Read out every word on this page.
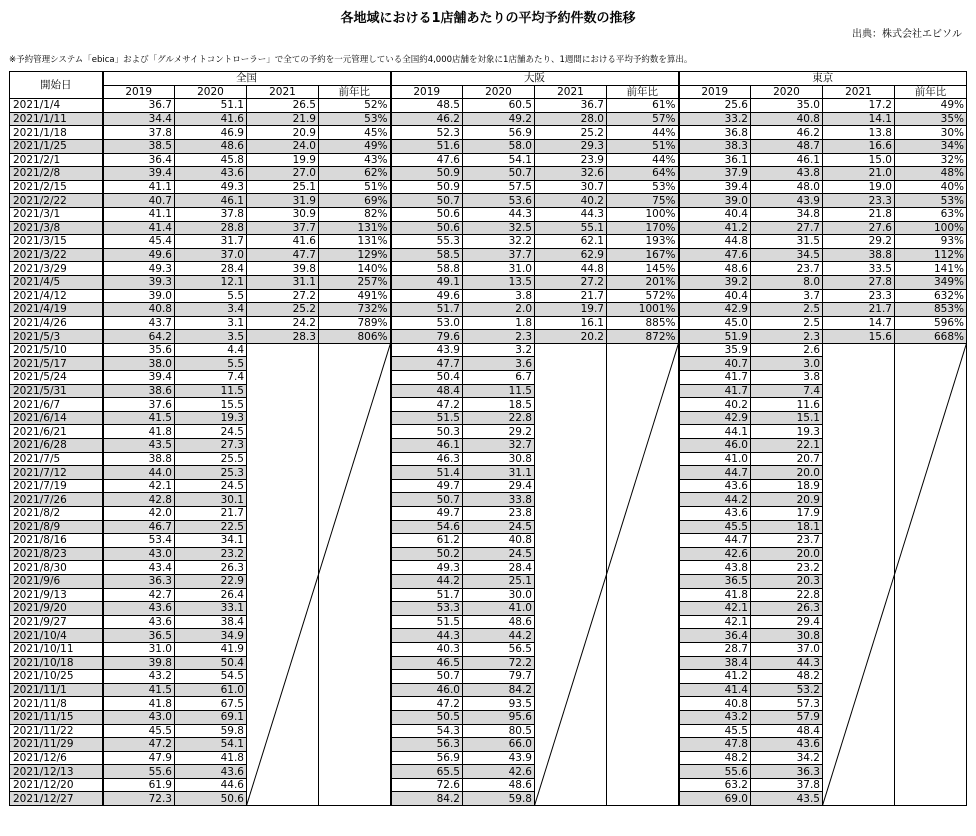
各地域における1店舗あたりの平均予約件数の推移
出典：株式会社エビソル
※予約管理システム「ebica」および「グルメサイトコントローラー」で全ての予約を一元管理している全国約4,000店舗を対象に1店舗あたり、1週間における平均予約数を算出。
開始日	全国				大阪				東京			
	2019	2020	2021	前年比	2019	2020	2021	前年比	2019	2020	2021	前年比
2021/1/4	36.7	51.1	26.5	52%	48.5	60.5	36.7	61%	25.6	35.0	17.2	49%
2021/1/11	34.4	41.6	21.9	53%	46.2	49.2	28.0	57%	33.2	40.8	14.1	35%
2021/1/18	37.8	46.9	20.9	45%	52.3	56.9	25.2	44%	36.8	46.2	13.8	30%
2021/1/25	38.5	48.6	24.0	49%	51.6	58.0	29.3	51%	38.3	48.7	16.6	34%
2021/2/1	36.4	45.8	19.9	43%	47.6	54.1	23.9	44%	36.1	46.1	15.0	32%
2021/2/8	39.4	43.6	27.0	62%	50.9	50.7	32.6	64%	37.9	43.8	21.0	48%
2021/2/15	41.1	49.3	25.1	51%	50.9	57.5	30.7	53%	39.4	48.0	19.0	40%
2021/2/22	40.7	46.1	31.9	69%	50.7	53.6	40.2	75%	39.0	43.9	23.3	53%
2021/3/1	41.1	37.8	30.9	82%	50.6	44.3	44.3	100%	40.4	34.8	21.8	63%
2021/3/8	41.4	28.8	37.7	131%	50.6	32.5	55.1	170%	41.2	27.7	27.6	100%
2021/3/15	45.4	31.7	41.6	131%	55.3	32.2	62.1	193%	44.8	31.5	29.2	93%
2021/3/22	49.6	37.0	47.7	129%	58.5	37.7	62.9	167%	47.6	34.5	38.8	112%
2021/3/29	49.3	28.4	39.8	140%	58.8	31.0	44.8	145%	48.6	23.7	33.5	141%
2021/4/5	39.3	12.1	31.1	257%	49.1	13.5	27.2	201%	39.2	8.0	27.8	349%
2021/4/12	39.0	5.5	27.2	491%	49.6	3.8	21.7	572%	40.4	3.7	23.3	632%
2021/4/19	40.8	3.4	25.2	732%	51.7	2.0	19.7	1001%	42.9	2.5	21.7	853%
2021/4/26	43.7	3.1	24.2	789%	53.0	1.8	16.1	885%	45.0	2.5	14.7	596%
2021/5/3	64.2	3.5	28.3	806%	79.6	2.3	20.2	872%	51.9	2.3	15.6	668%
2021/5/10	35.6	4.4			43.9	3.2			35.9	2.6		
2021/5/17	38.0	5.5			47.7	3.6			40.7	3.0		
2021/5/24	39.4	7.4			50.4	6.7			41.7	3.8		
2021/5/31	38.6	11.5			48.4	11.5			41.7	7.4		
2021/6/7	37.6	15.5			47.2	18.5			40.2	11.6		
2021/6/14	41.5	19.3			51.5	22.8			42.9	15.1		
2021/6/21	41.8	24.5			50.3	29.2			44.1	19.3		
2021/6/28	43.5	27.3			46.1	32.7			46.0	22.1		
2021/7/5	38.8	25.5			46.3	30.8			41.0	20.7		
2021/7/12	44.0	25.3			51.4	31.1			44.7	20.0		
2021/7/19	42.1	24.5			49.7	29.4			43.6	18.9		
2021/7/26	42.8	30.1			50.7	33.8			44.2	20.9		
2021/8/2	42.0	21.7			49.7	23.8			43.6	17.9		
2021/8/9	46.7	22.5			54.6	24.5			45.5	18.1		
2021/8/16	53.4	34.1			61.2	40.8			44.7	23.7		
2021/8/23	43.0	23.2			50.2	24.5			42.6	20.0		
2021/8/30	43.4	26.3			49.3	28.4			43.8	23.2		
2021/9/6	36.3	22.9			44.2	25.1			36.5	20.3		
2021/9/13	42.7	26.4			51.7	30.0			41.8	22.8		
2021/9/20	43.6	33.1			53.3	41.0			42.1	26.3		
2021/9/27	43.6	38.4			51.5	48.6			42.1	29.4		
2021/10/4	36.5	34.9			44.3	44.2			36.4	30.8		
2021/10/11	31.0	41.9			40.3	56.5			28.7	37.0		
2021/10/18	39.8	50.4			46.5	72.2			38.4	44.3		
2021/10/25	43.2	54.5			50.7	79.7			41.2	48.2		
2021/11/1	41.5	61.0			46.0	84.2			41.4	53.2		
2021/11/8	41.8	67.5			47.2	93.5			40.8	57.3		
2021/11/15	43.0	69.1			50.5	95.6			43.2	57.9		
2021/11/22	45.5	59.8			54.3	80.5			45.5	48.4		
2021/11/29	47.2	54.1			56.3	66.0			47.8	43.6		
2021/12/6	47.9	41.8			56.9	43.9			48.2	34.2		
2021/12/13	55.6	43.6			65.5	42.6			55.6	36.3		
2021/12/20	61.9	44.6			72.6	48.6			63.2	37.8		
2021/12/27	72.3	50.6			84.2	59.8			69.0	43.5		
